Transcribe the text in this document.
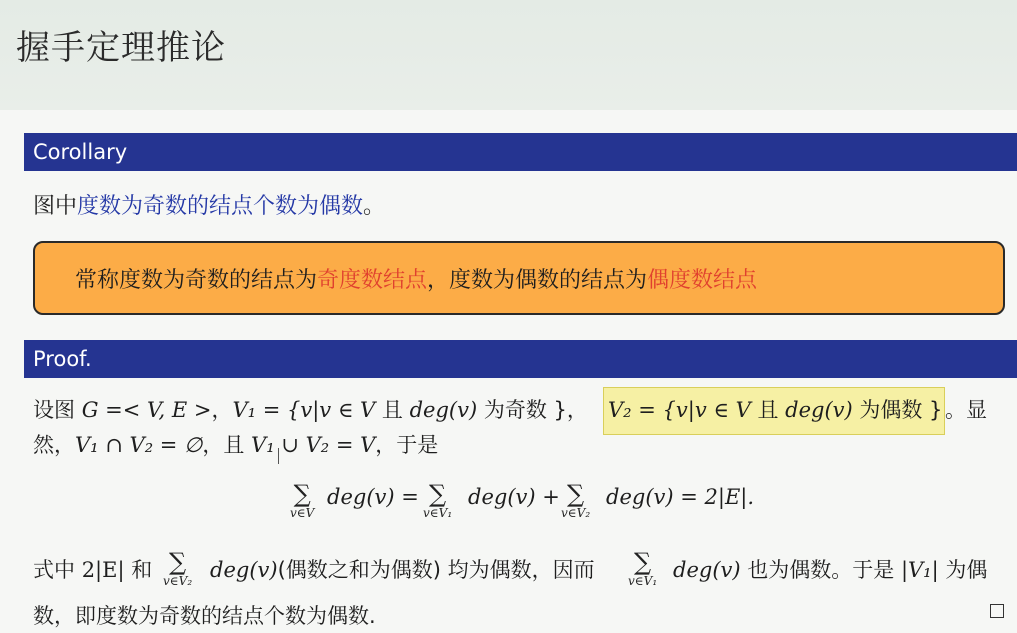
握手定理推论
Corollary
图中度数为奇数的结点个数为偶数。
常称度数为奇数的结点为奇度数结点，度数为偶数的结点为偶度数结点
Proof.
设图 G =< V, E >，V₁ = {v|v ∈ V 且 deg(v) 为奇数 }， V₂ = {v|v ∈ V 且 deg(v) 为偶数 } 。显
然，V₁ ∩ V₂ = ∅，且 V₁ ∪ V₂ = V，于是
∑
v∈V
deg(v) = ∑
v∈V₁
deg(v) + ∑
v∈V₂
deg(v) = 2|E|.
式中 2|E| 和 ∑
v∈V₂ deg(v)(偶数之和为偶数) 均为偶数，因而 ∑
v∈V₁ deg(v) 也为偶数。于是 |V₁| 为偶
数，即度数为奇数的结点个数为偶数.
